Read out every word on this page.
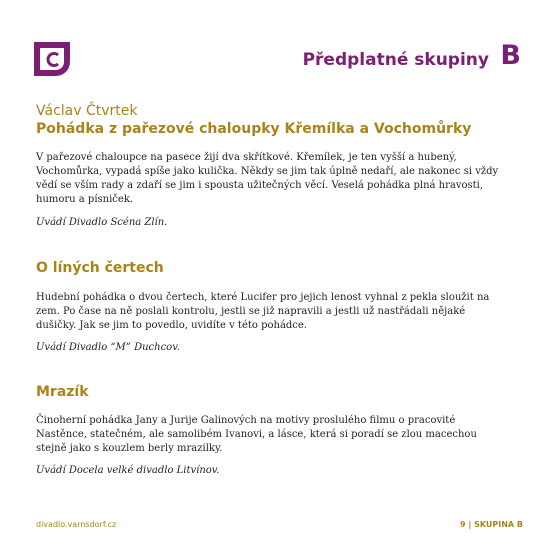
Předplatné skupiny B
Václav Čtvrtek
Pohádka z pařezové chaloupky Křemílka a Vochomůrky
V pařezové chaloupce na pasece žijí dva skřítkové. Křemílek, je ten vyšší a hubený, Vochomůrka, vypadá spíše jako kulička. Někdy se jim tak úplně nedaří, ale nakonec si vždy vědí se vším rady a zdaří se jim i spousta užitečných věcí. Veselá pohádka plná hravosti, humoru a písniček.
Uvádí Divadlo Scéna Zlín.
O líných čertech
Hudební pohádka o dvou čertech, které Lucifer pro jejich lenost vyhnal z pekla sloužit na zem. Po čase na ně poslali kontrolu, jestli se již napravili a jestli už nastřádali nějaké dušičky. Jak se jim to povedlo, uvidíte v této pohádce.
Uvádí Divadlo “M” Duchcov.
Mrazík
Činoherní pohádka Jany a Jurije Galinových na motivy proslulého filmu o pracovité Nastěnce, statečném, ale samolibém Ivanovi, a lásce, která si poradí se zlou macechou stejně jako s kouzlem berly mrazilky.
Uvádí Docela velké divadlo Litvínov.
divadlo.varnsdorf.cz	9 | SKUPINA B
